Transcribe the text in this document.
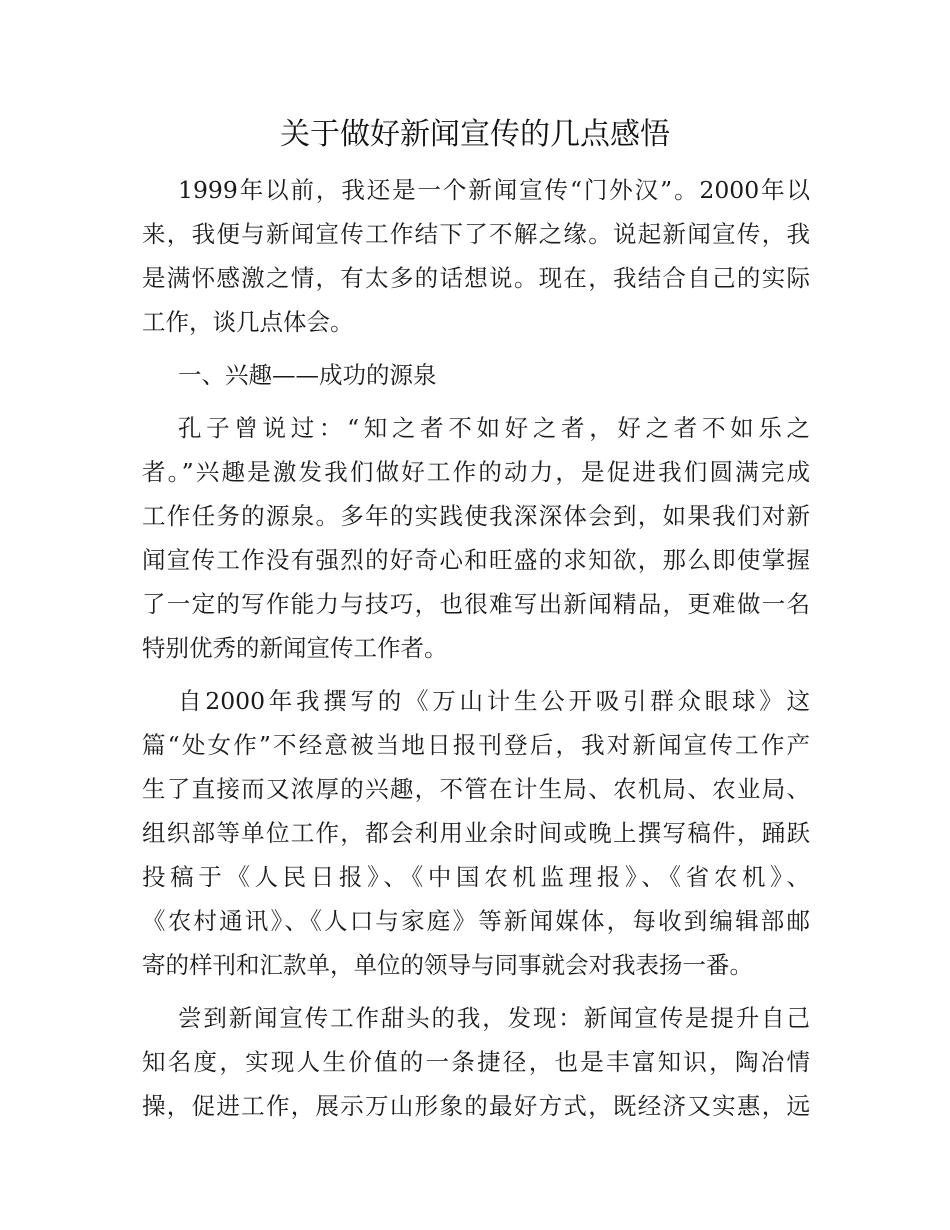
关于做好新闻宣传的几点感悟
1999年以前，我还是一个新闻宣传“门外汉”。2000年以
来，我便与新闻宣传工作结下了不解之缘。说起新闻宣传，我
是满怀感激之情，有太多的话想说。现在，我结合自己的实际
工作，谈几点体会。
一、兴趣——成功的源泉
孔子曾说过：“知之者不如好之者，好之者不如乐之
者。”兴趣是激发我们做好工作的动力，是促进我们圆满完成
工作任务的源泉。多年的实践使我深深体会到，如果我们对新
闻宣传工作没有强烈的好奇心和旺盛的求知欲，那么即使掌握
了一定的写作能力与技巧，也很难写出新闻精品，更难做一名
特别优秀的新闻宣传工作者。
自2000年我撰写的《万山计生公开吸引群众眼球》这
篇“处女作”不经意被当地日报刊登后，我对新闻宣传工作产
生了直接而又浓厚的兴趣，不管在计生局、农机局、农业局、
组织部等单位工作，都会利用业余时间或晚上撰写稿件，踊跃
投稿于《人民日报》、《中国农机监理报》、《省农机》、
《农村通讯》、《人口与家庭》等新闻媒体，每收到编辑部邮
寄的样刊和汇款单，单位的领导与同事就会对我表扬一番。
尝到新闻宣传工作甜头的我，发现：新闻宣传是提升自己
知名度，实现人生价值的一条捷径，也是丰富知识，陶冶情
操，促进工作，展示万山形象的最好方式，既经济又实惠，远
